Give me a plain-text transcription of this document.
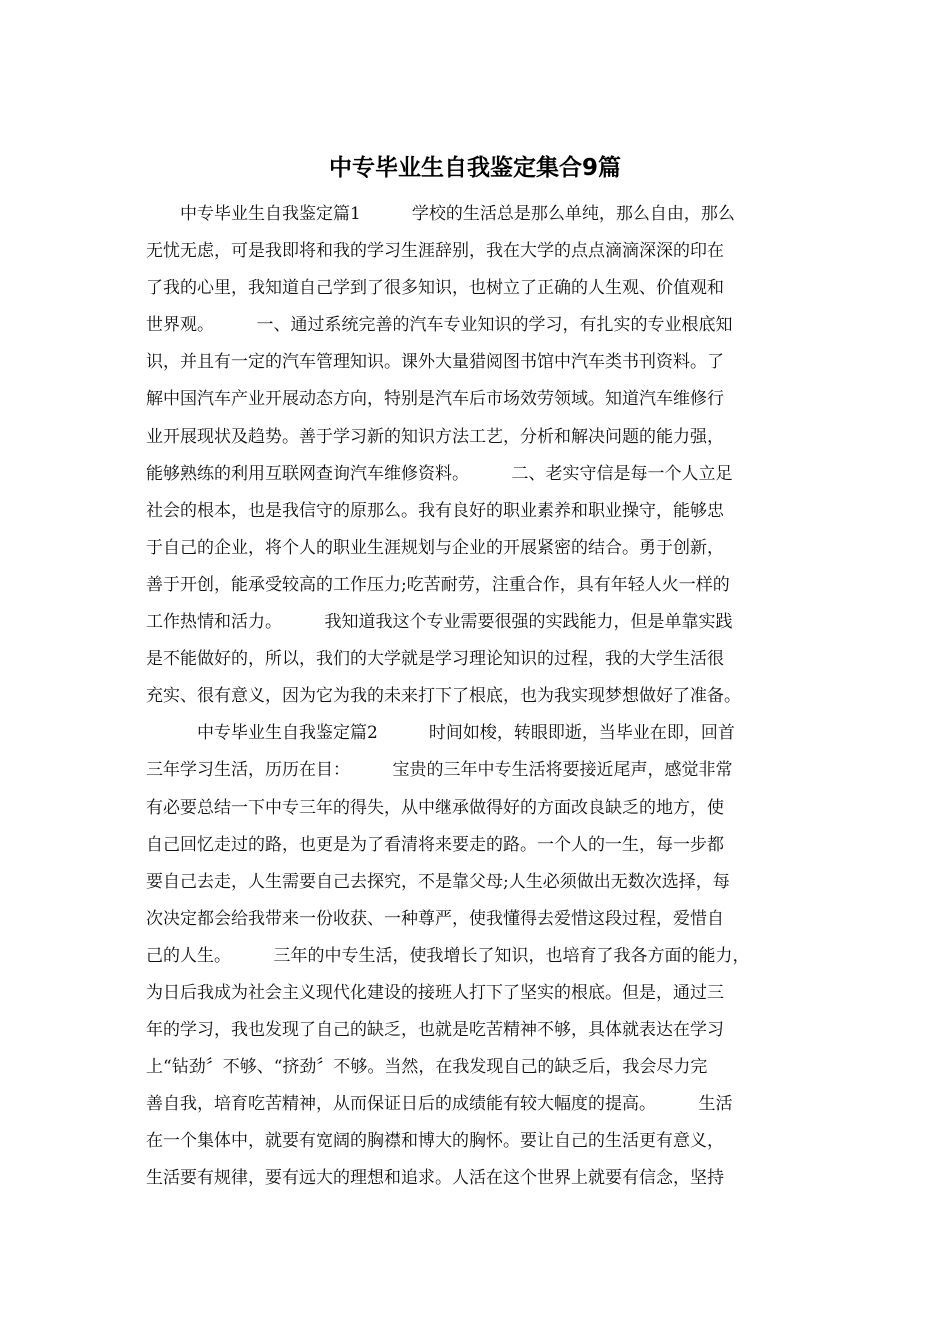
中专毕业生自我鉴定集合9篇
　　中专毕业生自我鉴定篇1　　　学校的生活总是那么单纯，那么自由，那么
无忧无虑，可是我即将和我的学习生涯辞别，我在大学的点点滴滴深深的印在
了我的心里，我知道自己学到了很多知识，也树立了正确的人生观、价值观和
世界观。　　　一、通过系统完善的汽车专业知识的学习，有扎实的专业根底知
识，并且有一定的汽车管理知识。课外大量猎阅图书馆中汽车类书刊资料。了
解中国汽车产业开展动态方向，特别是汽车后市场效劳领域。知道汽车维修行
业开展现状及趋势。善于学习新的知识方法工艺，分析和解决问题的能力强，
能够熟练的利用互联网查询汽车维修资料。　　　二、老实守信是每一个人立足
社会的根本，也是我信守的原那么。我有良好的职业素养和职业操守，能够忠
于自己的企业，将个人的职业生涯规划与企业的开展紧密的结合。勇于创新，
善于开创，能承受较高的工作压力;吃苦耐劳，注重合作，具有年轻人火一样的
工作热情和活力。　　　我知道我这个专业需要很强的实践能力，但是单靠实践
是不能做好的，所以，我们的大学就是学习理论知识的过程，我的大学生活很
充实、很有意义，因为它为我的未来打下了根底，也为我实现梦想做好了准备。
　　　中专毕业生自我鉴定篇2　　　时间如梭，转眼即逝，当毕业在即，回首
三年学习生活，历历在目：　　　宝贵的三年中专生活将要接近尾声，感觉非常
有必要总结一下中专三年的得失，从中继承做得好的方面改良缺乏的地方，使
自己回忆走过的路，也更是为了看清将来要走的路。一个人的一生，每一步都
要自己去走，人生需要自己去探究，不是靠父母;人生必须做出无数次选择，每
次决定都会给我带来一份收获、一种尊严，使我懂得去爱惜这段过程，爱惜自
己的人生。　　　三年的中专生活，使我增长了知识，也培育了我各方面的能力，
为日后我成为社会主义现代化建设的接班人打下了坚实的根底。但是，通过三
年的学习，我也发现了自己的缺乏，也就是吃苦精神不够，具体就表达在学习
上“钻劲〞不够、“挤劲〞不够。当然，在我发现自己的缺乏后，我会尽力完
善自我，培育吃苦精神，从而保证日后的成绩能有较大幅度的提高。　　　生活
在一个集体中，就要有宽阔的胸襟和博大的胸怀。要让自己的生活更有意义，
生活要有规律，要有远大的理想和追求。人活在这个世界上就要有信念，坚持
